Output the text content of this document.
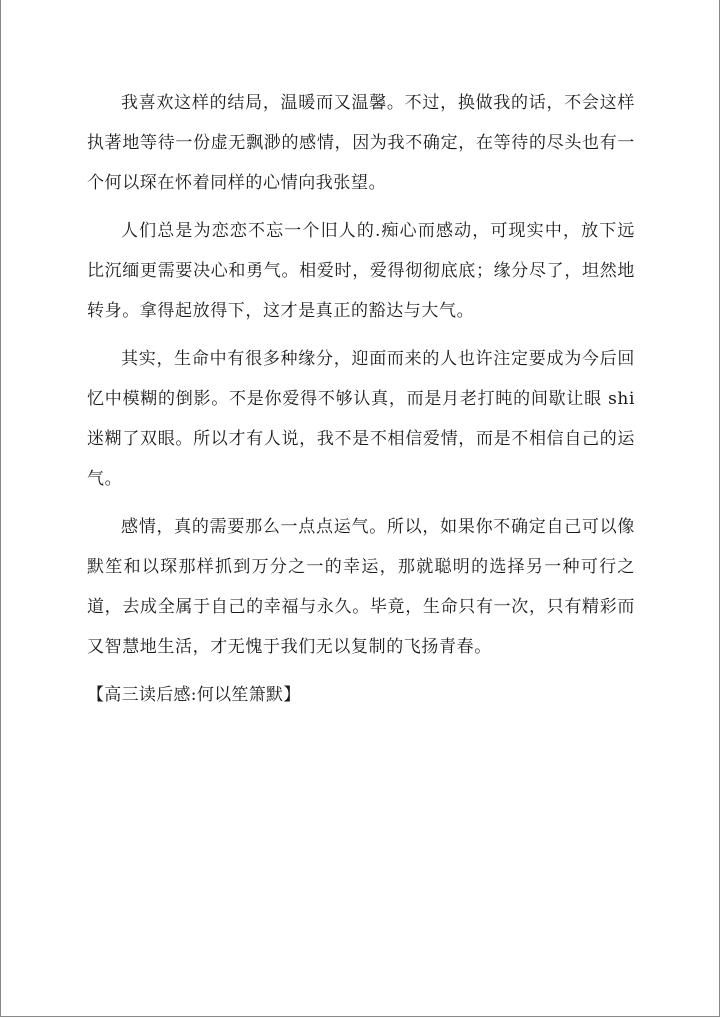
我喜欢这样的结局，温暖而又温馨。不过，换做我的话，不会这样执著地等待一份虚无飘渺的感情，因为我不确定，在等待的尽头也有一个何以琛在怀着同样的心情向我张望。

人们总是为恋恋不忘一个旧人的.痴心而感动，可现实中，放下远比沉缅更需要决心和勇气。相爱时，爱得彻彻底底；缘分尽了，坦然地转身。拿得起放得下，这才是真正的豁达与大气。

其实，生命中有很多种缘分，迎面而来的人也许注定要成为今后回忆中模糊的倒影。不是你爱得不够认真，而是月老打盹的间歇让眼 shi 迷糊了双眼。所以才有人说，我不是不相信爱情，而是不相信自己的运气。

感情，真的需要那么一点点运气。所以，如果你不确定自己可以像默笙和以琛那样抓到万分之一的幸运，那就聪明的选择另一种可行之道，去成全属于自己的幸福与永久。毕竟，生命只有一次，只有精彩而又智慧地生活，才无愧于我们无以复制的飞扬青春。

【高三读后感:何以笙箫默】
